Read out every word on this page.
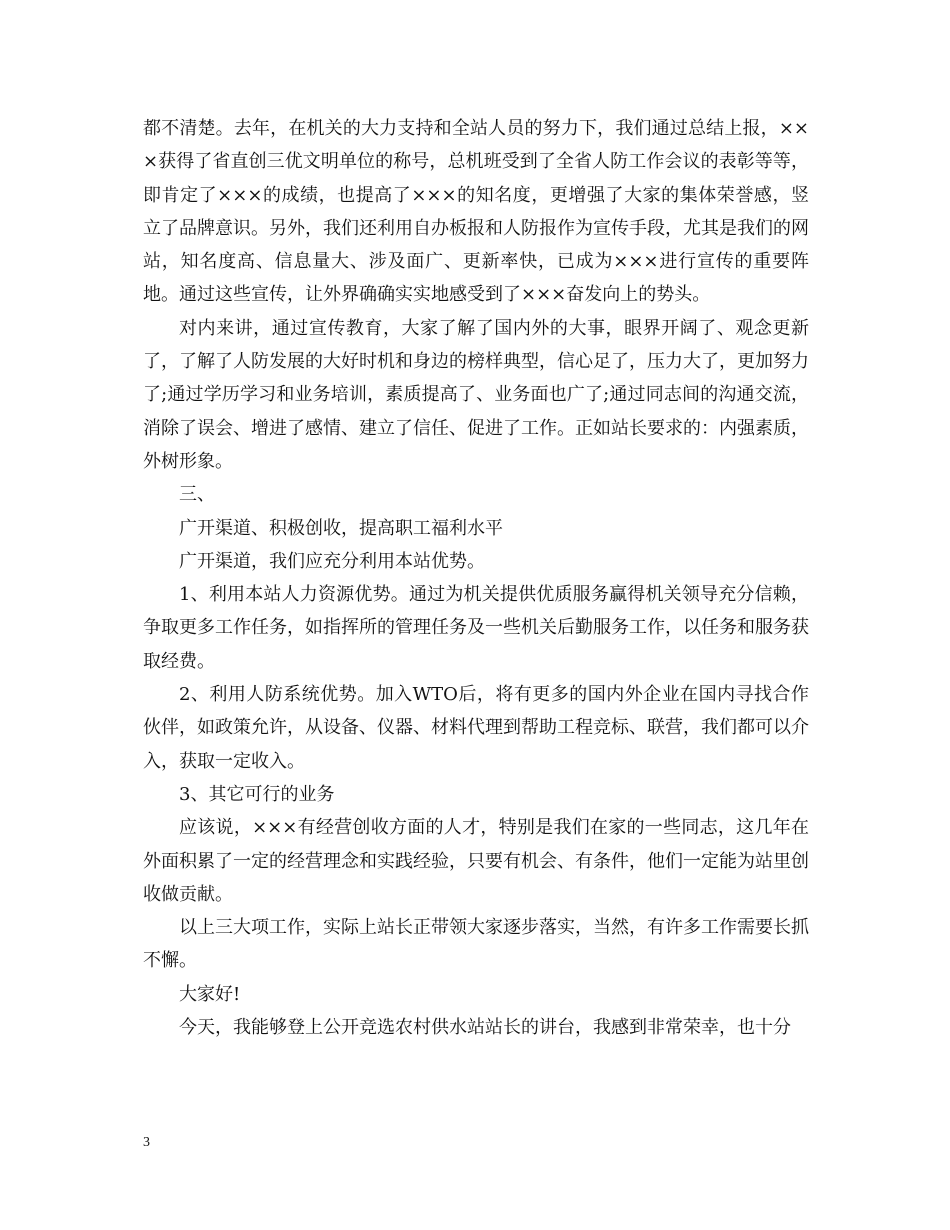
都不清楚。去年，在机关的大力支持和全站人员的努力下，我们通过总结上报，×××获得了省直创三优文明单位的称号，总机班受到了全省人防工作会议的表彰等等，即肯定了×××的成绩，也提高了×××的知名度，更增强了大家的集体荣誉感，竖立了品牌意识。另外，我们还利用自办板报和人防报作为宣传手段，尤其是我们的网站，知名度高、信息量大、涉及面广、更新率快，已成为×××进行宣传的重要阵地。通过这些宣传，让外界确确实实地感受到了×××奋发向上的势头。

对内来讲，通过宣传教育，大家了解了国内外的大事，眼界开阔了、观念更新了，了解了人防发展的大好时机和身边的榜样典型，信心足了，压力大了，更加努力了;通过学历学习和业务培训，素质提高了、业务面也广了;通过同志间的沟通交流，消除了误会、增进了感情、建立了信任、促进了工作。正如站长要求的：内强素质，外树形象。

三、

广开渠道、积极创收，提高职工福利水平

广开渠道，我们应充分利用本站优势。

1、利用本站人力资源优势。通过为机关提供优质服务赢得机关领导充分信赖，争取更多工作任务，如指挥所的管理任务及一些机关后勤服务工作，以任务和服务获取经费。

2、利用人防系统优势。加入WTO后，将有更多的国内外企业在国内寻找合作伙伴，如政策允许，从设备、仪器、材料代理到帮助工程竞标、联营，我们都可以介入，获取一定收入。

3、其它可行的业务

应该说，×××有经营创收方面的人才，特别是我们在家的一些同志，这几年在外面积累了一定的经营理念和实践经验，只要有机会、有条件，他们一定能为站里创收做贡献。

以上三大项工作，实际上站长正带领大家逐步落实，当然，有许多工作需要长抓不懈。

大家好!

今天，我能够登上公开竞选农村供水站站长的讲台，我感到非常荣幸，也十分

3
